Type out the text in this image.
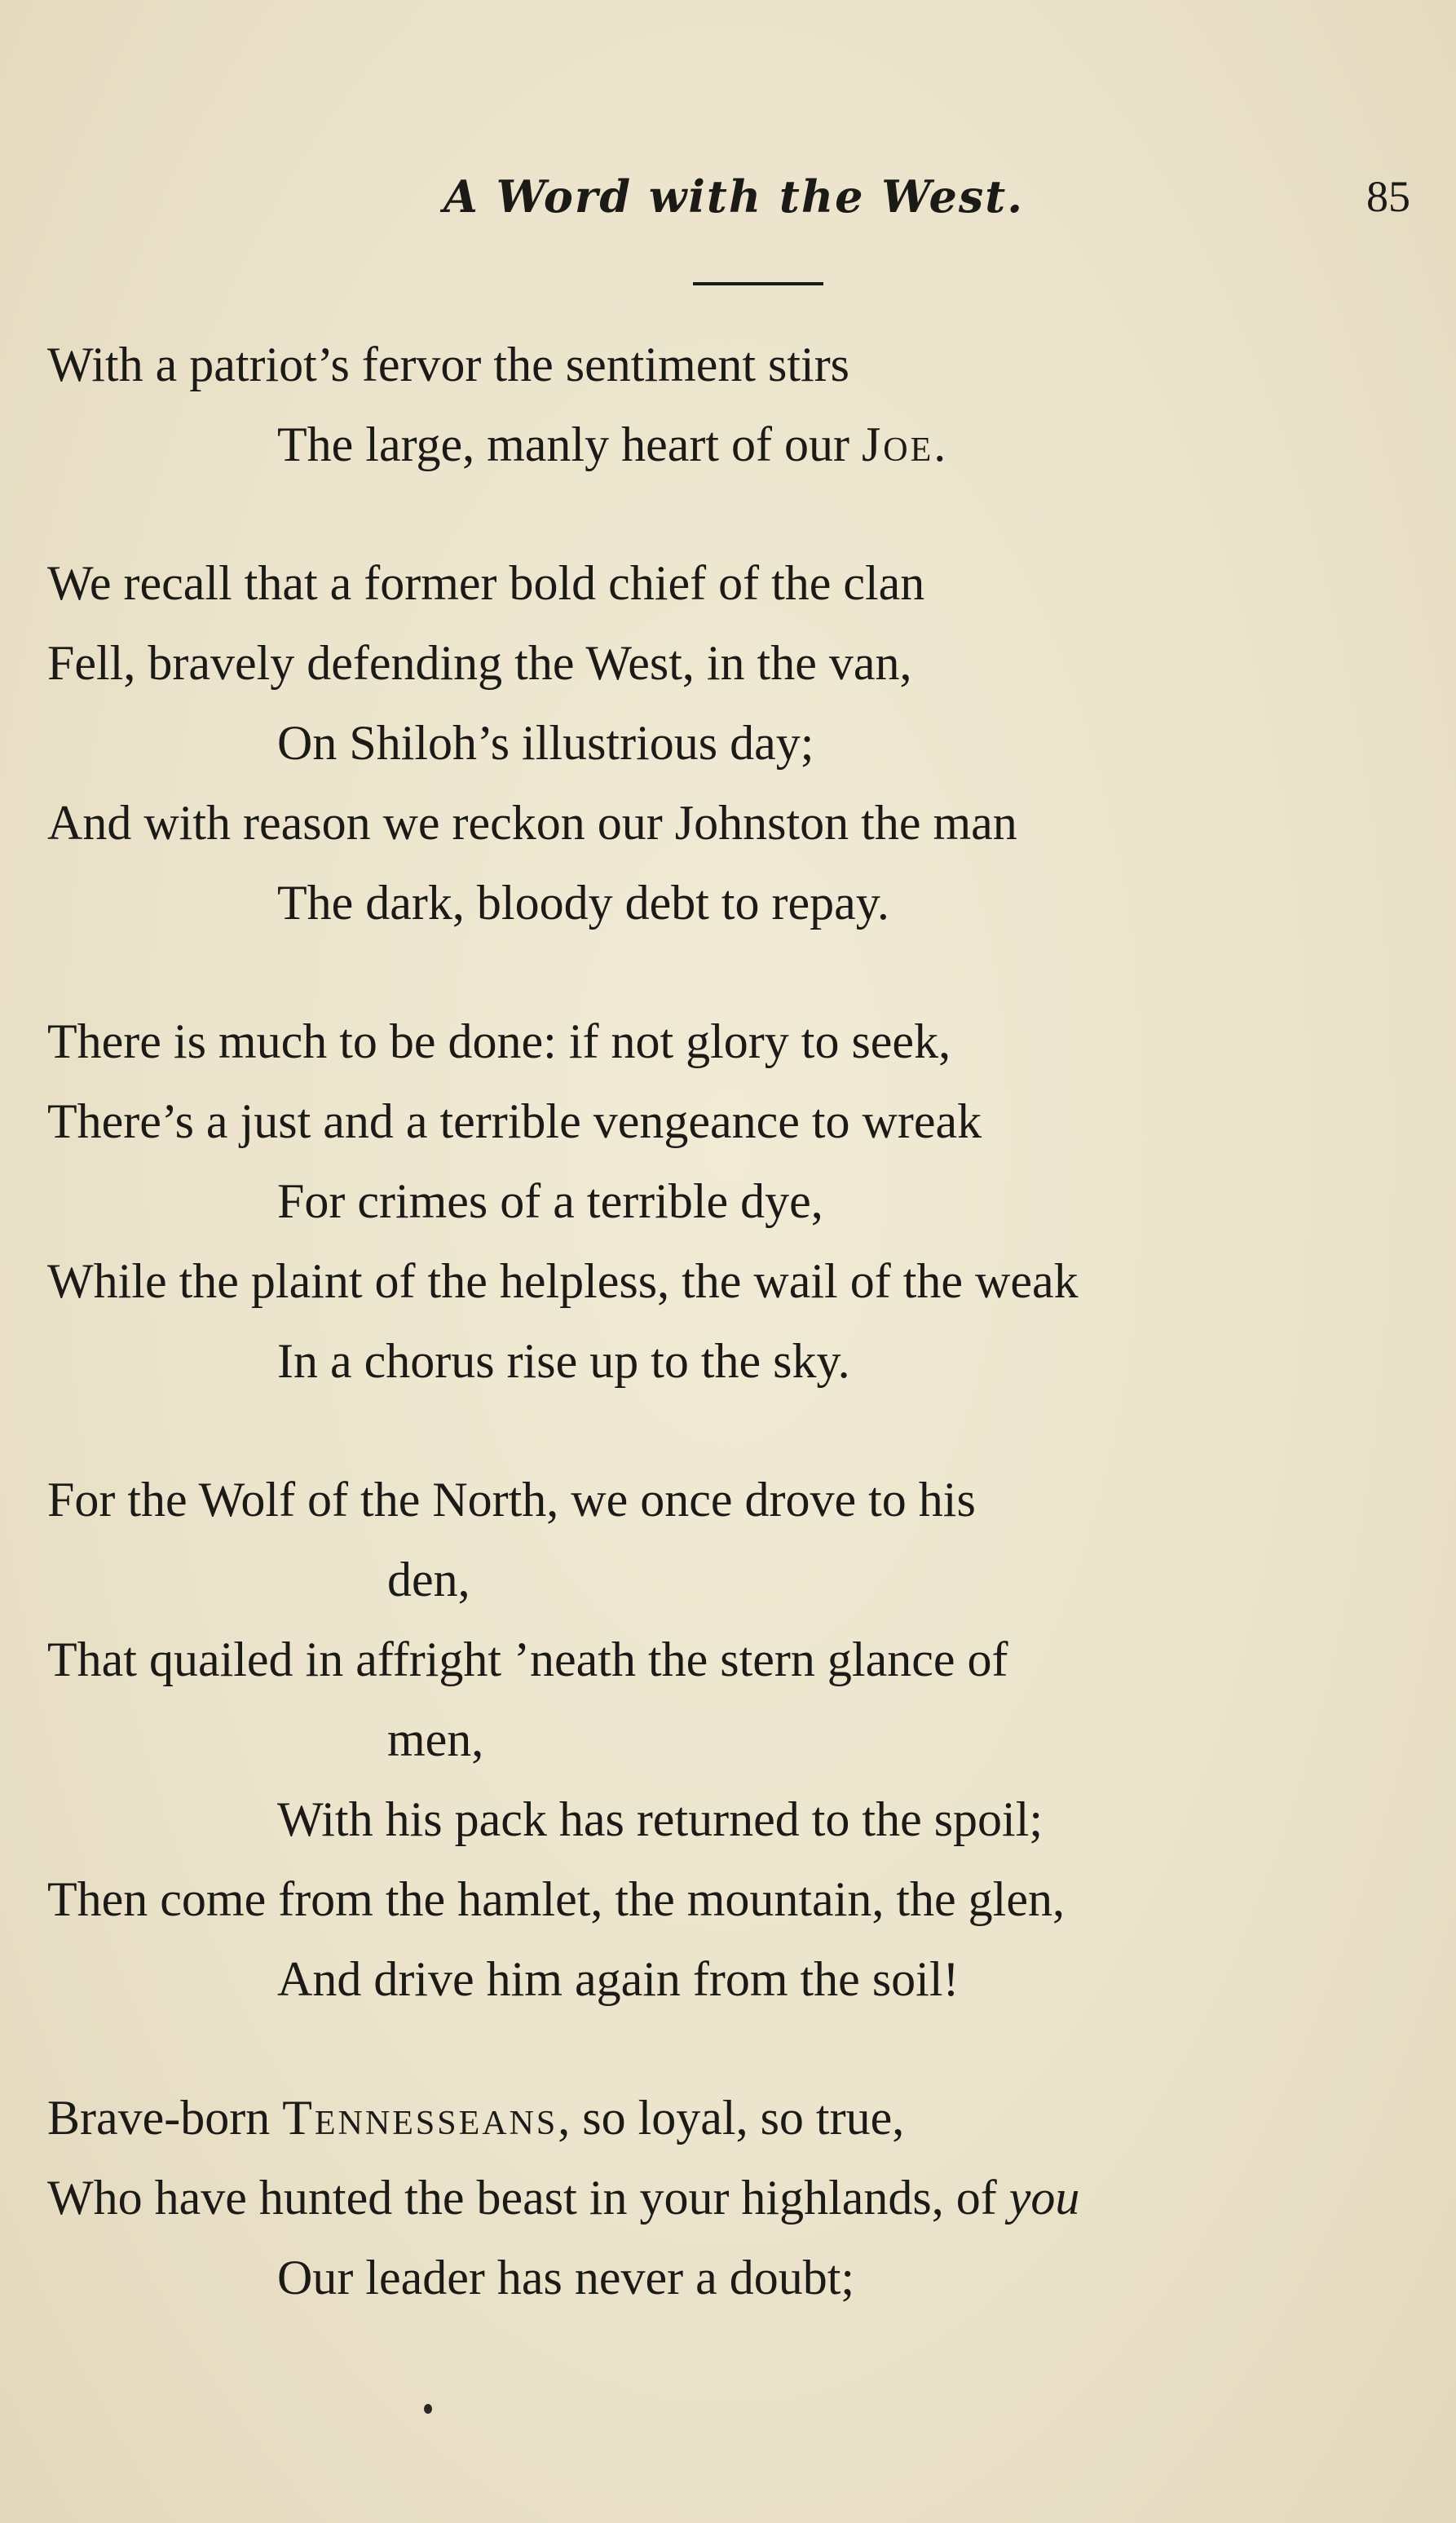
A Word with the West.	85
With a patriot’s fervor the sentiment stirs
The large, manly heart of our Joe.
We recall that a former bold chief of the clan
Fell, bravely defending the West, in the van,
On Shiloh’s illustrious day;
And with reason we reckon our Johnston the man
The dark, bloody debt to repay.
There is much to be done: if not glory to seek,
There’s a just and a terrible vengeance to wreak
For crimes of a terrible dye,
While the plaint of the helpless, the wail of the weak
In a chorus rise up to the sky.
For the Wolf of the North, we once drove to his
den,
That quailed in affright ’neath the stern glance of
men,
With his pack has returned to the spoil;
Then come from the hamlet, the mountain, the glen,
And drive him again from the soil!
Brave-born Tennesseans, so loyal, so true,
Who have hunted the beast in your highlands, of you
Our leader has never a doubt;
